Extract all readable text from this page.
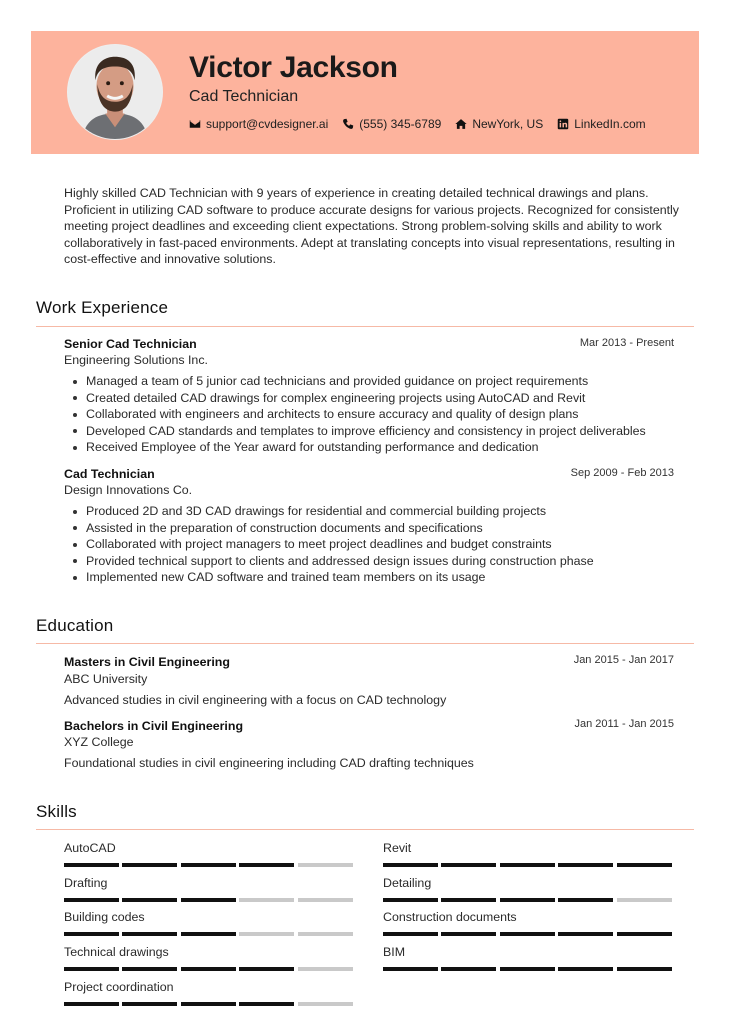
Victor Jackson
Cad Technician
support@cvdesigner.ai	(555) 345-6789	NewYork, US	LinkedIn.com

Highly skilled CAD Technician with 9 years of experience in creating detailed technical drawings and plans. Proficient in utilizing CAD software to produce accurate designs for various projects. Recognized for consistently meeting project deadlines and exceeding client expectations. Strong problem-solving skills and ability to work collaboratively in fast-paced environments. Adept at translating concepts into visual representations, resulting in cost-effective and innovative solutions.

Work Experience
Senior Cad Technician	Mar 2013 - Present
Engineering Solutions Inc.
Managed a team of 5 junior cad technicians and provided guidance on project requirements
Created detailed CAD drawings for complex engineering projects using AutoCAD and Revit
Collaborated with engineers and architects to ensure accuracy and quality of design plans
Developed CAD standards and templates to improve efficiency and consistency in project deliverables
Received Employee of the Year award for outstanding performance and dedication
Cad Technician	Sep 2009 - Feb 2013
Design Innovations Co.
Produced 2D and 3D CAD drawings for residential and commercial building projects
Assisted in the preparation of construction documents and specifications
Collaborated with project managers to meet project deadlines and budget constraints
Provided technical support to clients and addressed design issues during construction phase
Implemented new CAD software and trained team members on its usage
Education
Masters in Civil Engineering	Jan 2015 - Jan 2017
ABC University
Advanced studies in civil engineering with a focus on CAD technology
Bachelors in Civil Engineering	Jan 2011 - Jan 2015
XYZ College
Foundational studies in civil engineering including CAD drafting techniques
Skills
AutoCAD	Revit
Drafting	Detailing
Building codes	Construction documents
Technical drawings	BIM
Project coordination
